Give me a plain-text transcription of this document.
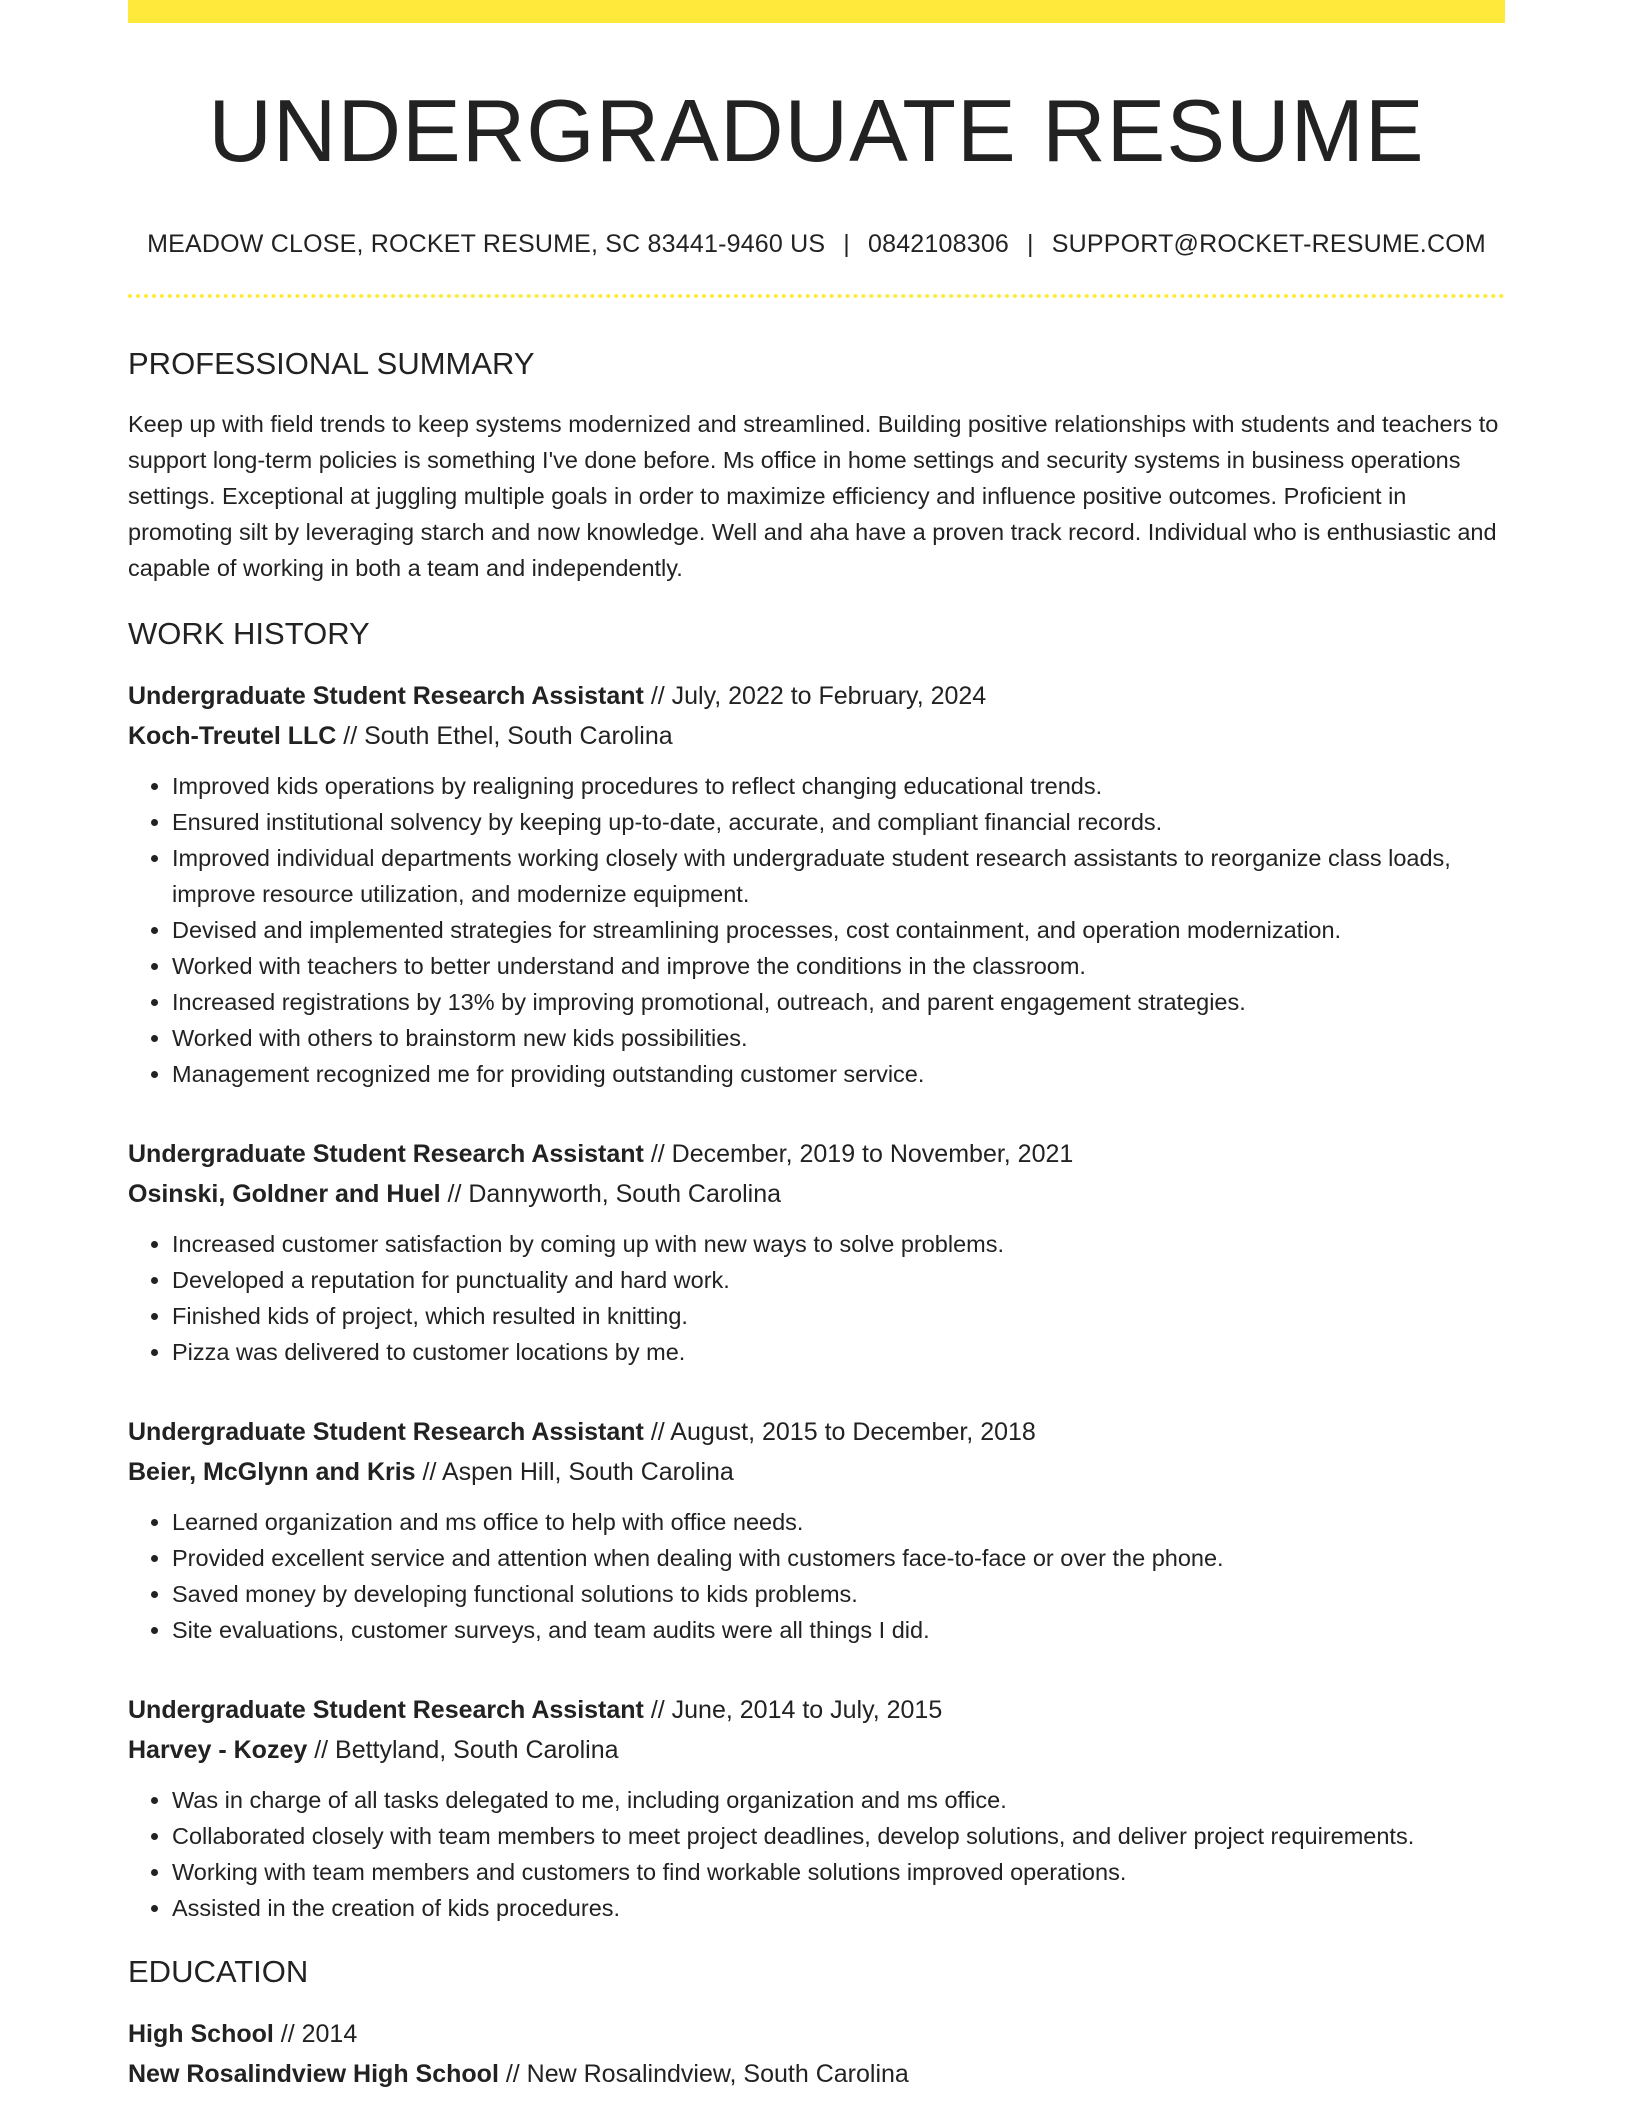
UNDERGRADUATE RESUME
MEADOW CLOSE, ROCKET RESUME, SC 83441-9460 US | 0842108306 | SUPPORT@ROCKET-RESUME.COM
PROFESSIONAL SUMMARY
Keep up with field trends to keep systems modernized and streamlined. Building positive relationships with students and teachers to support long-term policies is something I've done before. Ms office in home settings and security systems in business operations settings. Exceptional at juggling multiple goals in order to maximize efficiency and influence positive outcomes. Proficient in promoting silt by leveraging starch and now knowledge. Well and aha have a proven track record. Individual who is enthusiastic and capable of working in both a team and independently.
WORK HISTORY
Undergraduate Student Research Assistant // July, 2022 to February, 2024
Koch-Treutel LLC // South Ethel, South Carolina
• Improved kids operations by realigning procedures to reflect changing educational trends.
• Ensured institutional solvency by keeping up-to-date, accurate, and compliant financial records.
• Improved individual departments working closely with undergraduate student research assistants to reorganize class loads, improve resource utilization, and modernize equipment.
• Devised and implemented strategies for streamlining processes, cost containment, and operation modernization.
• Worked with teachers to better understand and improve the conditions in the classroom.
• Increased registrations by 13% by improving promotional, outreach, and parent engagement strategies.
• Worked with others to brainstorm new kids possibilities.
• Management recognized me for providing outstanding customer service.
Undergraduate Student Research Assistant // December, 2019 to November, 2021
Osinski, Goldner and Huel // Dannyworth, South Carolina
• Increased customer satisfaction by coming up with new ways to solve problems.
• Developed a reputation for punctuality and hard work.
• Finished kids of project, which resulted in knitting.
• Pizza was delivered to customer locations by me.
Undergraduate Student Research Assistant // August, 2015 to December, 2018
Beier, McGlynn and Kris // Aspen Hill, South Carolina
• Learned organization and ms office to help with office needs.
• Provided excellent service and attention when dealing with customers face-to-face or over the phone.
• Saved money by developing functional solutions to kids problems.
• Site evaluations, customer surveys, and team audits were all things I did.
Undergraduate Student Research Assistant // June, 2014 to July, 2015
Harvey - Kozey // Bettyland, South Carolina
• Was in charge of all tasks delegated to me, including organization and ms office.
• Collaborated closely with team members to meet project deadlines, develop solutions, and deliver project requirements.
• Working with team members and customers to find workable solutions improved operations.
• Assisted in the creation of kids procedures.
EDUCATION
High School // 2014
New Rosalindview High School // New Rosalindview, South Carolina
